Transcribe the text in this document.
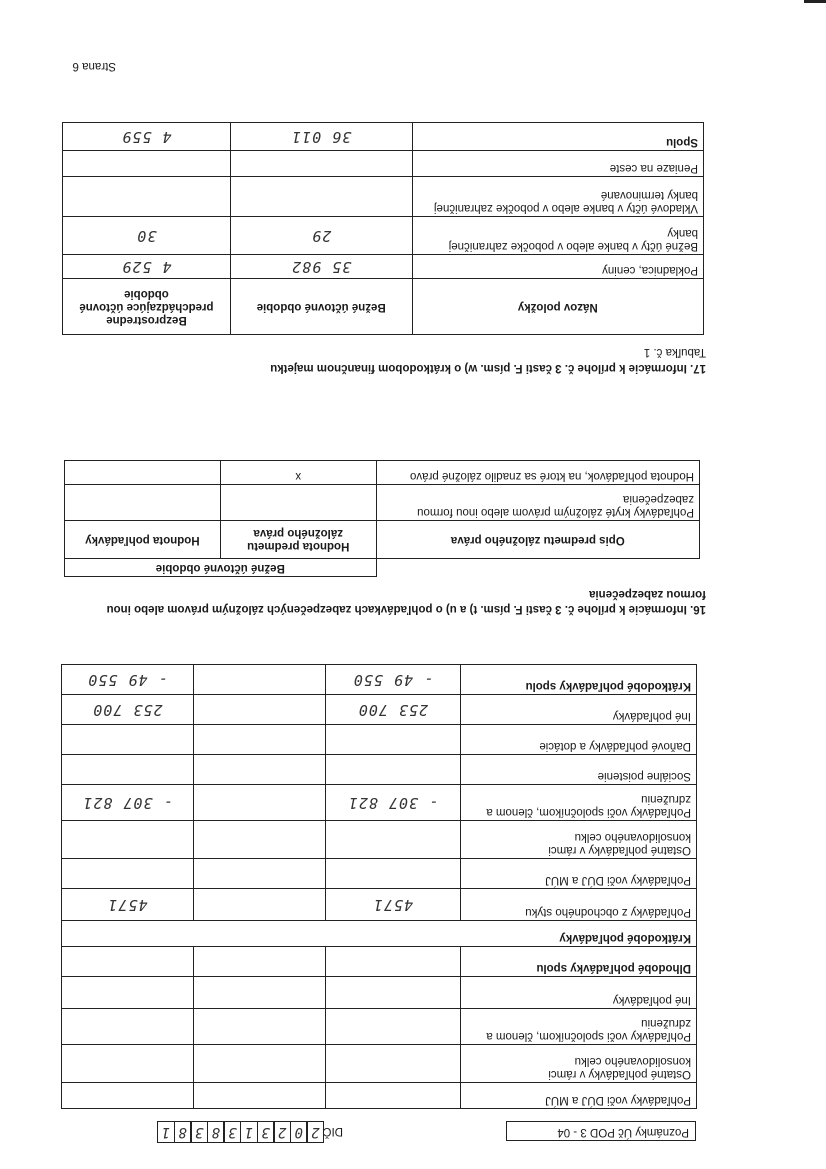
Poznámky Úč POD 3 - 04
DIČ
2
0
2
3
1
3
8
3
8
1
Pohľadávky voči DÚJ a MÚJ			
Ostatné pohľadávky v rámci konsolidovaného celku			
Pohľadávky voči spoločníkom, členom a združeniu			
Iné pohľadávky			
Dlhodobé pohľadávky spolu			
Krátkodobé pohľadávky			
Pohľadávky z obchodného styku	4571		4571
Pohľadávky voči DÚJ a MÚJ			
Ostatné pohľadávky v rámci konsolidovaného celku			
Pohľadávky voči spoločníkom, členom a združeniu	- 307 821		- 307 821
Sociálne poistenie			
Daňové pohľadávky a dotácie			
Iné pohľadávky	253 700		253 700
Krátkodobé pohľadávky spolu	- 49 550		- 49 550
16. Informácie k prílohe č. 3 časti F. písm. t) a u) o pohľadávkach zabezpečených záložným právom alebo inou formou zabezpečenia
	Bežné účtovné obdobie	
Opis predmetu záložného práva	Hodnota predmetu záložného práva	Hodnota pohľadávky
Pohľadávky kryté záložným právom alebo inou formou zabezpečenia		
Hodnota pohľadávok, na ktoré sa znadilo záložné právo	x	
17. Informácie k prílohe č. 3 časti F. písm. w) o krátkodobom finančnom majetku
Tabuľka č. 1
Názov položky	Bežné účtovné obdobie	Bezprostredne predchádzajúce účtovné obdobie
Pokladnica, ceniny	35 982	4 529
Bežné účty v banke alebo v pobočke zahraničnej banky	29	30
Vkladové účty v banke alebo v pobočke zahraničnej banky terminované		
Peniaze na ceste		
Spolu	36 011	4 559
Strana 6
